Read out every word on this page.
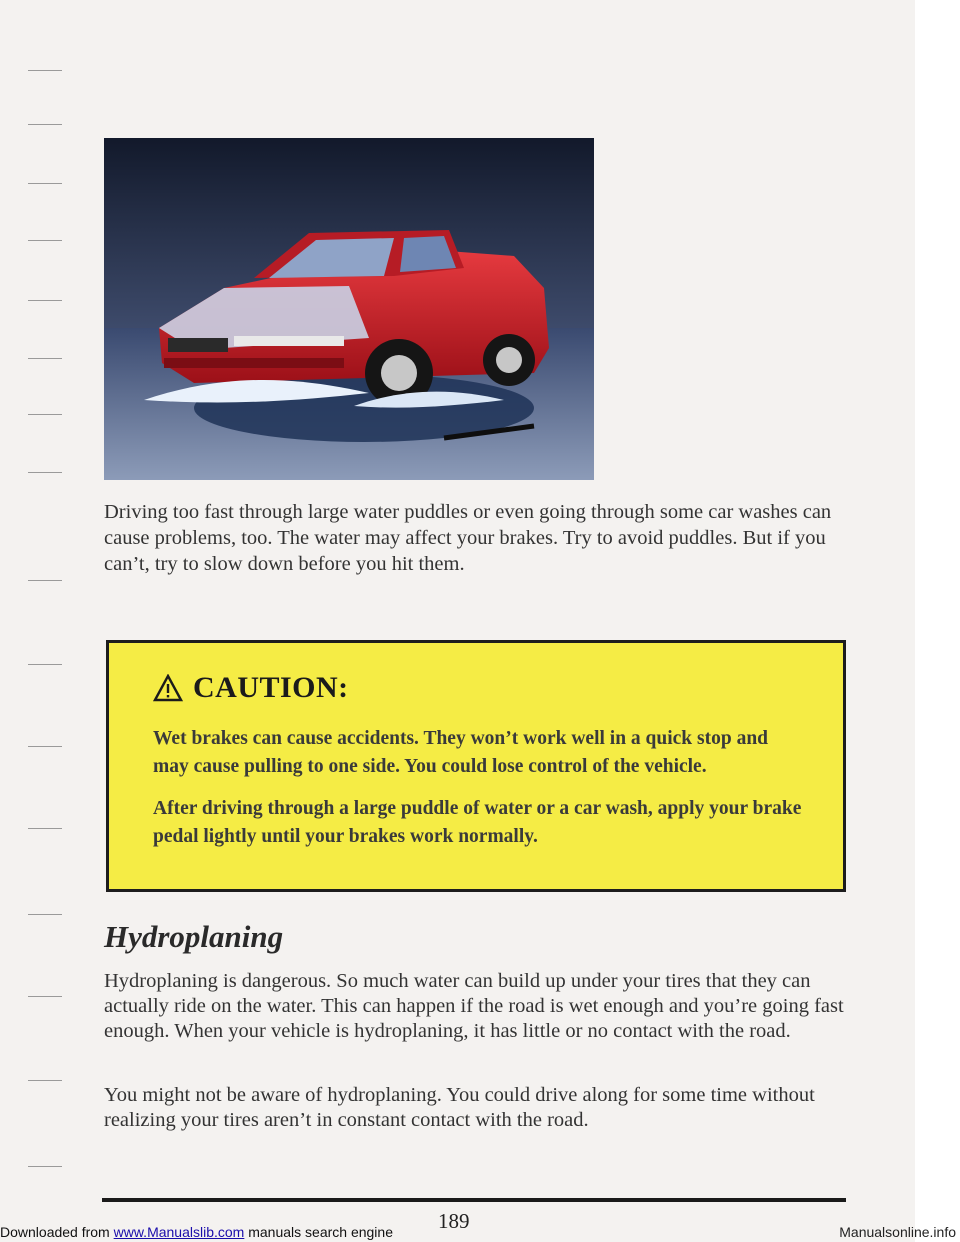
Driving too fast through large water puddles or even going through some car washes can cause problems, too. The water may affect your brakes. Try to avoid puddles. But if you can’t, try to slow down before you hit them.
CAUTION:

Wet brakes can cause accidents. They won’t work well in a quick stop and may cause pulling to one side. You could lose control of the vehicle.

After driving through a large puddle of water or a car wash, apply your brake pedal lightly until your brakes work normally.

Hydroplaning
Hydroplaning is dangerous. So much water can build up under your tires that they can actually ride on the water. This can happen if the road is wet enough and you’re going fast enough. When your vehicle is hydroplaning, it has little or no contact with the road.
You might not be aware of hydroplaning. You could drive along for some time without realizing your tires aren’t in constant contact with the road.
189
Downloaded from www.Manualslib.com manuals search engine	Manualsonline.info
